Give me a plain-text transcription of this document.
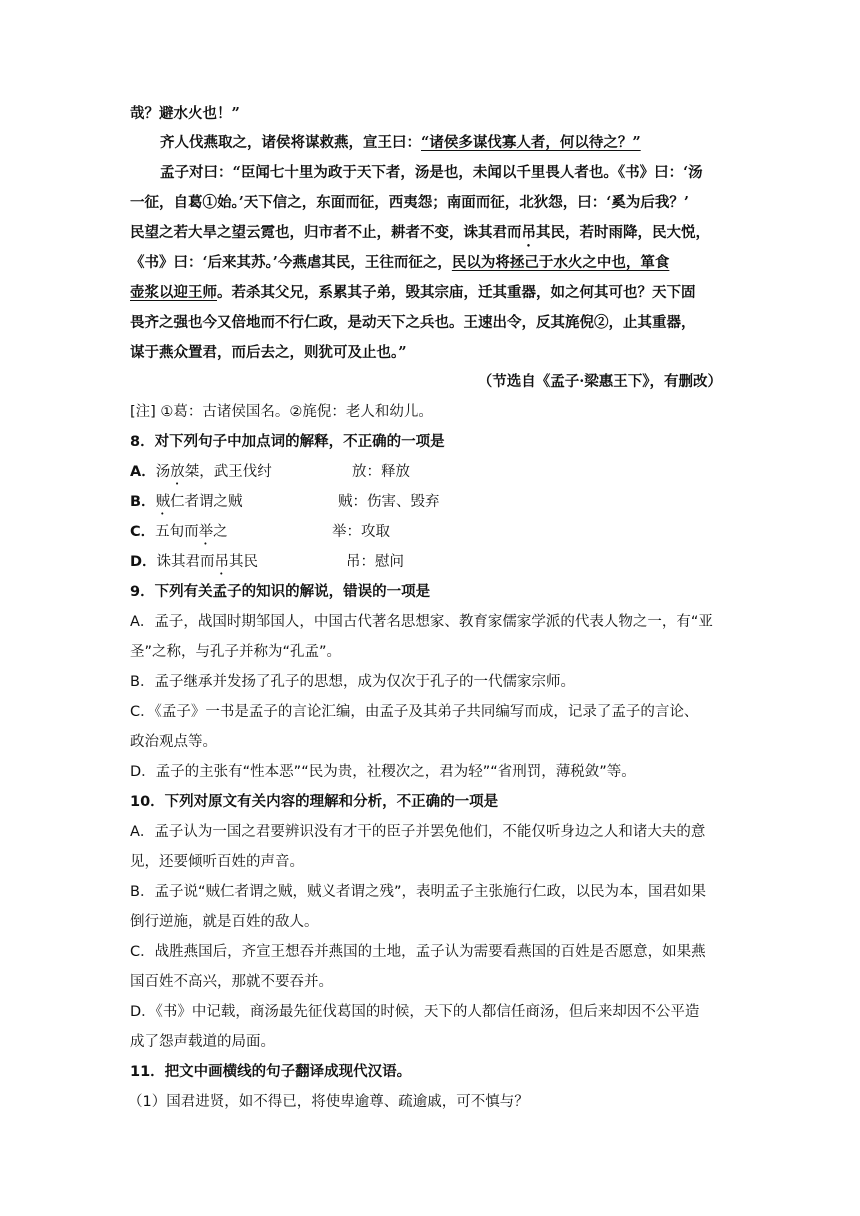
哉？避水火也！”
齐人伐燕取之，诸侯将谋救燕，宣王曰：“诸侯多谋伐寡人者，何以待之？”
孟子对曰：“臣闻七十里为政于天下者，汤是也，未闻以千里畏人者也。《书》曰：‘汤
一征，自葛①始。’天下信之，东面而征，西夷怨；南面而征，北狄怨，曰：‘奚为后我？’
民望之若大旱之望云霓也，归市者不止，耕者不变，诛其君而吊其民，若时雨降，民大悦，
《书》曰：‘后来其苏。’今燕虐其民，王往而征之，民以为将拯己于水火之中也，箪食
壶浆以迎王师。若杀其父兄，系累其子弟，毁其宗庙，迁其重器，如之何其可也？天下固
畏齐之强也今又倍地而不行仁政，是动天下之兵也。王速出令，反其旄倪②，止其重器，
谋于燕众置君，而后去之，则犹可及止也。”
（节选自《孟子·梁惠王下》，有删改）
[注] ①葛：古诸侯国名。②旄倪：老人和幼儿。
8．对下列句子中加点词的解释，不正确的一项是
A．汤放桀，武王伐纣	放：释放
B．贼仁者谓之贼	贼：伤害、毁弃
C．五旬而举之	举：攻取
D．诛其君而吊其民	吊：慰问
9．下列有关孟子的知识的解说，错误的一项是
A．孟子，战国时期邹国人，中国古代著名思想家、教育家儒家学派的代表人物之一，有“亚
圣”之称，与孔子并称为“孔孟”。
B．孟子继承并发扬了孔子的思想，成为仅次于孔子的一代儒家宗师。
C．《孟子》一书是孟子的言论汇编，由孟子及其弟子共同编写而成，记录了孟子的言论、
政治观点等。
D．孟子的主张有“性本恶”“民为贵，社稷次之，君为轻”“省刑罚，薄税敛”等。
10．下列对原文有关内容的理解和分析，不正确的一项是
A．孟子认为一国之君要辨识没有才干的臣子并罢免他们，不能仅听身边之人和诸大夫的意
见，还要倾听百姓的声音。
B．孟子说“贼仁者谓之贼，贼义者谓之残”，表明孟子主张施行仁政，以民为本，国君如果
倒行逆施，就是百姓的敌人。
C．战胜燕国后，齐宣王想吞并燕国的土地，孟子认为需要看燕国的百姓是否愿意，如果燕
国百姓不高兴，那就不要吞并。
D．《书》中记载，商汤最先征伐葛国的时候，天下的人都信任商汤，但后来却因不公平造
成了怨声载道的局面。
11．把文中画横线的句子翻译成现代汉语。
（1）国君进贤，如不得已，将使卑逾尊、疏逾戚，可不慎与？
